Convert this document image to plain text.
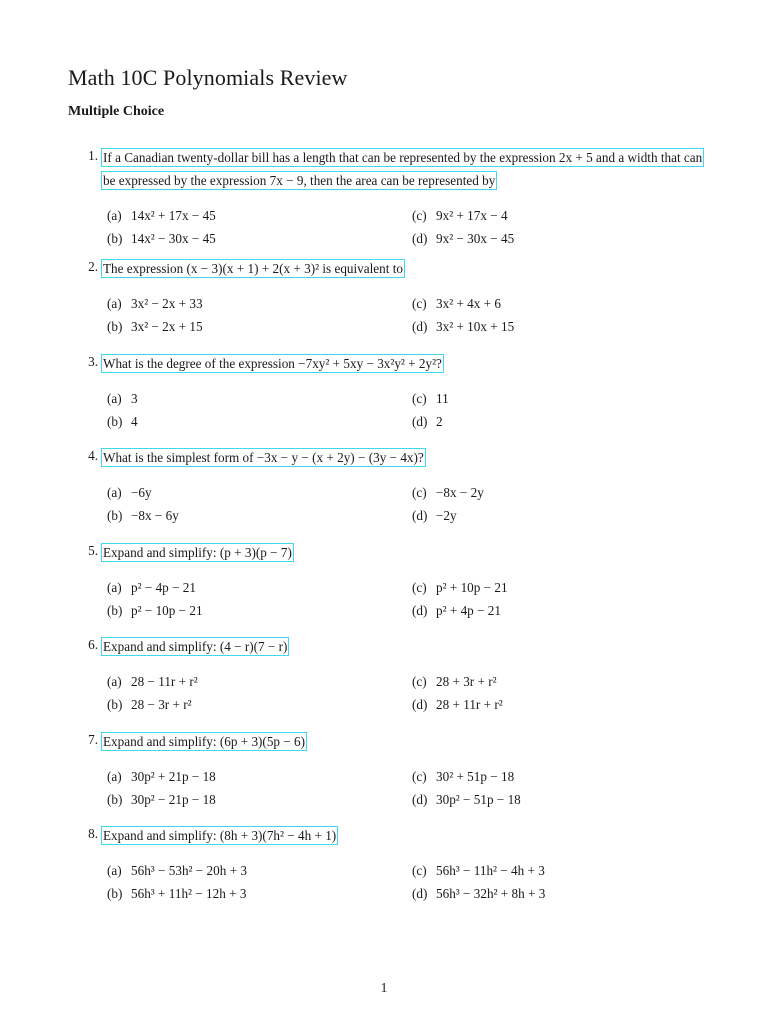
Math 10C Polynomials Review
Multiple Choice
1. If a Canadian twenty-dollar bill has a length that can be represented by the expression 2x + 5 and a width that can be expressed by the expression 7x − 9, then the area can be represented by
(a) 14x² + 17x − 45
(b) 14x² − 30x − 45
(c) 9x² + 17x − 4
(d) 9x² − 30x − 45
2. The expression (x − 3)(x + 1) + 2(x + 3)² is equivalent to
(a) 3x² − 2x + 33
(b) 3x² − 2x + 15
(c) 3x² + 4x + 6
(d) 3x² + 10x + 15
3. What is the degree of the expression −7xy² + 5xy − 3x²y² + 2y²?
(a) 3
(b) 4
(c) 11
(d) 2
4. What is the simplest form of −3x − y − (x + 2y) − (3y − 4x)?
(a) −6y
(b) −8x − 6y
(c) −8x − 2y
(d) −2y
5. Expand and simplify: (p + 3)(p − 7)
(a) p² − 4p − 21
(b) p² − 10p − 21
(c) p² + 10p − 21
(d) p² + 4p − 21
6. Expand and simplify: (4 − r)(7 − r)
(a) 28 − 11r + r²
(b) 28 − 3r + r²
(c) 28 + 3r + r²
(d) 28 + 11r + r²
7. Expand and simplify: (6p + 3)(5p − 6)
(a) 30p² + 21p − 18
(b) 30p² − 21p − 18
(c) 30² + 51p − 18
(d) 30p² − 51p − 18
8. Expand and simplify: (8h + 3)(7h² − 4h + 1)
(a) 56h³ − 53h² − 20h + 3
(b) 56h³ + 11h² − 12h + 3
(c) 56h³ − 11h² − 4h + 3
(d) 56h³ − 32h² + 8h + 3
1
